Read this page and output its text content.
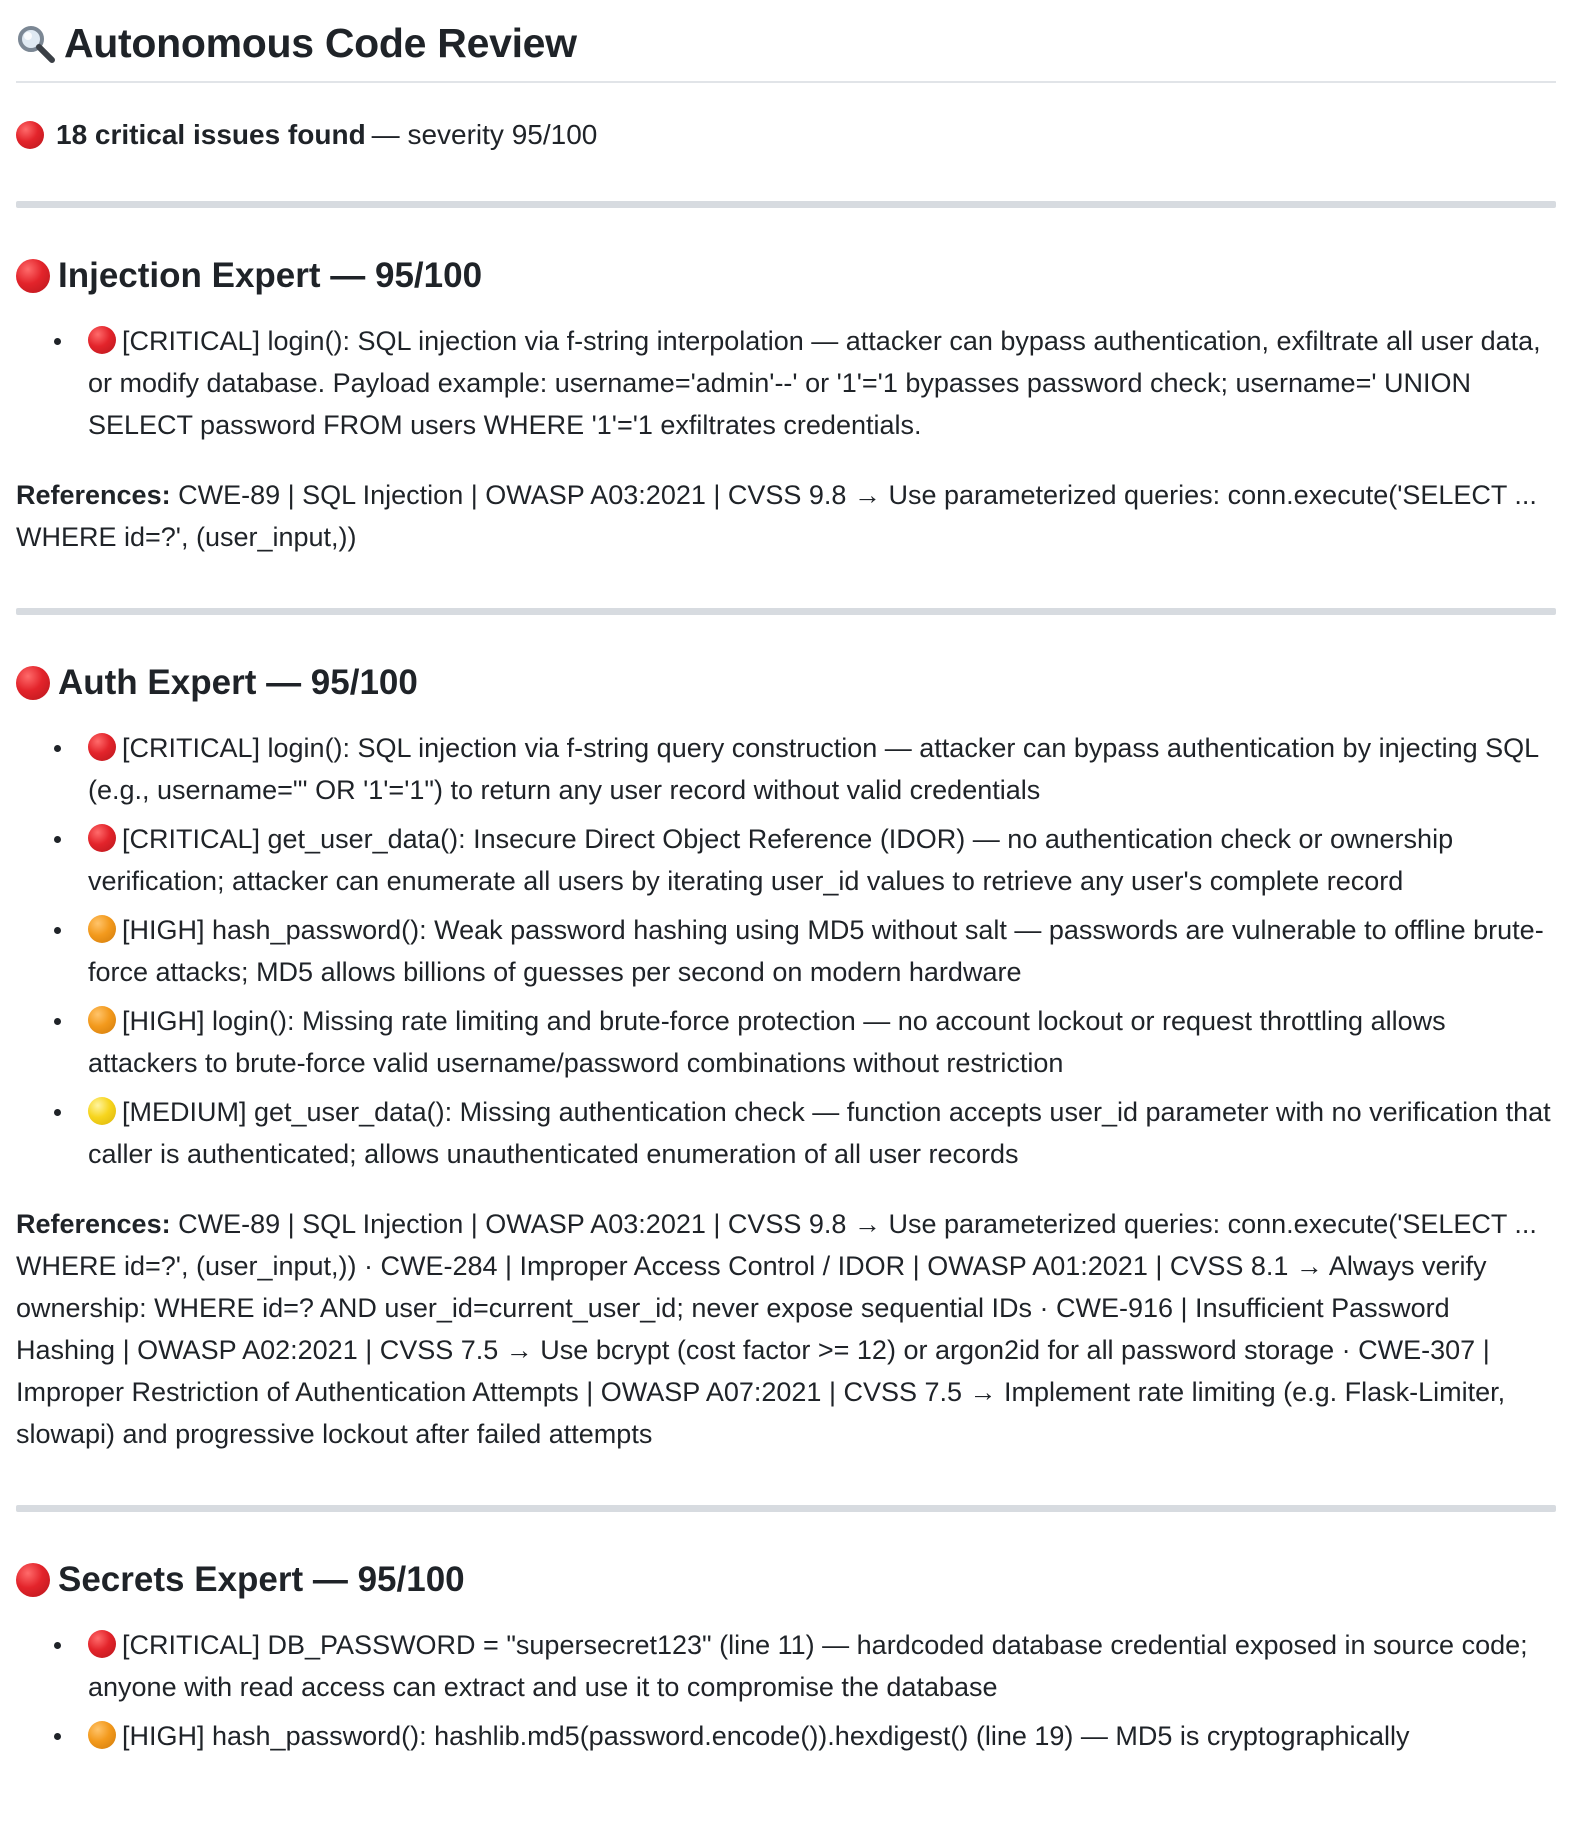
Autonomous Code Review
18 critical issues found — severity 95/100
Injection Expert — 95/100
[CRITICAL] login(): SQL injection via f-string interpolation — attacker can bypass authentication, exfiltrate all user data, or modify database. Payload example: username='admin'--' or '1'='1 bypasses password check; username=' UNION SELECT password FROM users WHERE '1'='1 exfiltrates credentials.

References: CWE-89 | SQL Injection | OWASP A03:2021 | CVSS 9.8 → Use parameterized queries: conn.execute('SELECT ... WHERE id=?', (user_input,))

Auth Expert — 95/100
[CRITICAL] login(): SQL injection via f-string query construction — attacker can bypass authentication by injecting SQL (e.g., username="' OR '1'='1") to return any user record without valid credentials
[CRITICAL] get_user_data(): Insecure Direct Object Reference (IDOR) — no authentication check or ownership verification; attacker can enumerate all users by iterating user_id values to retrieve any user's complete record
[HIGH] hash_password(): Weak password hashing using MD5 without salt — passwords are vulnerable to offline brute-force attacks; MD5 allows billions of guesses per second on modern hardware
[HIGH] login(): Missing rate limiting and brute-force protection — no account lockout or request throttling allows attackers to brute-force valid username/password combinations without restriction
[MEDIUM] get_user_data(): Missing authentication check — function accepts user_id parameter with no verification that caller is authenticated; allows unauthenticated enumeration of all user records

References: CWE-89 | SQL Injection | OWASP A03:2021 | CVSS 9.8 → Use parameterized queries: conn.execute('SELECT ... WHERE id=?', (user_input,)) · CWE-284 | Improper Access Control / IDOR | OWASP A01:2021 | CVSS 8.1 → Always verify ownership: WHERE id=? AND user_id=current_user_id; never expose sequential IDs · CWE-916 | Insufficient Password Hashing | OWASP A02:2021 | CVSS 7.5 → Use bcrypt (cost factor >= 12) or argon2id for all password storage · CWE-307 | Improper Restriction of Authentication Attempts | OWASP A07:2021 | CVSS 7.5 → Implement rate limiting (e.g. Flask-Limiter, slowapi) and progressive lockout after failed attempts

Secrets Expert — 95/100
[CRITICAL] DB_PASSWORD = "supersecret123" (line 11) — hardcoded database credential exposed in source code; anyone with read access can extract and use it to compromise the database
[HIGH] hash_password(): hashlib.md5(password.encode()).hexdigest() (line 19) — MD5 is cryptographically
